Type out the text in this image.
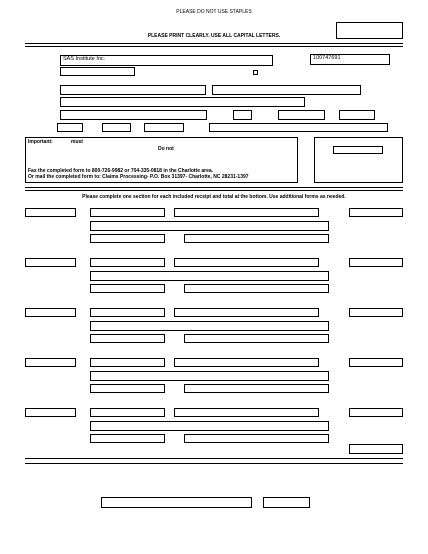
PLEASE DO NOT USE STAPLES
PLEASE PRINT CLEARLY. USE ALL CAPITAL LETTERS.
SAS Institute Inc.	100747691
Important:	must
Do not
Fax the completed form to 800-726-9982 or 704-335-0818 in the Charlotte area.
Or mail the completed form to: Claims Processing- P.O. Box 31397- Charlotte, NC 28231-1397
Please complete one section for each included receipt and total at the bottom. Use additional forms as needed.
